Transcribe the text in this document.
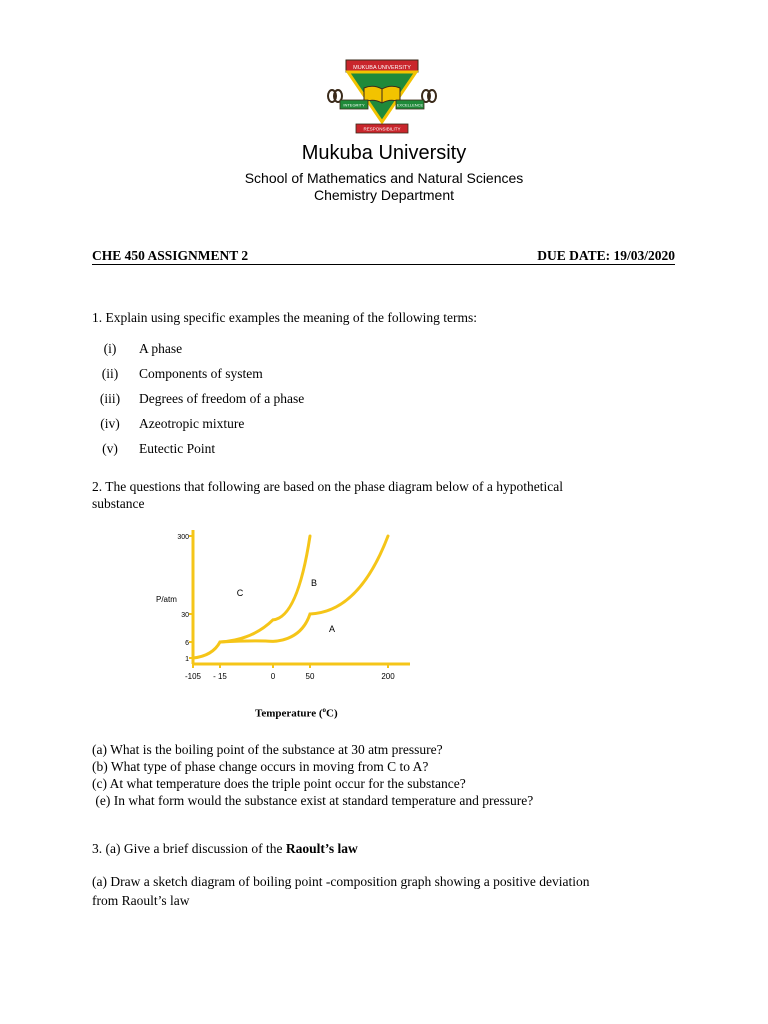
MUKUBA UNIVERSITY
INTEGRITY	EXCELLENCE
RESPONSIBILITY
Mukuba University
School of Mathematics and Natural Sciences
Chemistry Department
CHE 450 ASSIGNMENT 2	DUE DATE: 19/03/2020
1. Explain using specific examples the meaning of the following terms:
(i)	A phase
(ii)	Components of system
(iii)	Degrees of freedom of a phase
(iv)	Azeotropic mixture
(v)	Eutectic Point
2. The questions that following are based on the phase diagram below of a hypothetical
substance
-105 - 15	0	50	200
300
30
6
1
P/atm
C
B
A
Temperature ($^o$C)
(a) What is the boiling point of the substance at 30 atm pressure?
(b) What type of phase change occurs in moving from C to A?
(c) At what temperature does the triple point occur for the substance?
(e) In what form would the substance exist at standard temperature and pressure?
3. (a) Give a brief discussion of the Raoult’s law
(a) Draw a sketch diagram of boiling point -composition graph showing a positive deviation
from Raoult’s law
